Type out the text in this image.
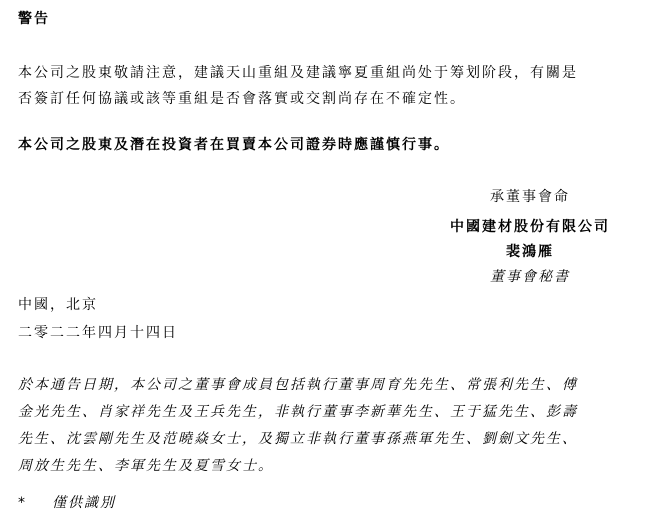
警告
本公司之股東敬請注意，建議天山重組及建議寧夏重組尚处于筹划阶段，有關是
否簽訂任何協議或該等重組是否會落實或交割尚存在不確定性。
本公司之股東及潛在投資者在買賣本公司證券時應謹慎行事。
承董事會命
中國建材股份有限公司
裴鴻雁
董事會秘書
中國，北京
二零二二年四月十四日
於本通告日期，本公司之董事會成員包括執行董事周育先先生、常張利先生、傅
金光先生、肖家祥先生及王兵先生，非執行董事李新華先生、王于猛先生、彭壽
先生、沈雲剛先生及范曉焱女士，及獨立非執行董事孫燕軍先生、劉劍文先生、
周放生先生、李軍先生及夏雪女士。
* 僅供識別
